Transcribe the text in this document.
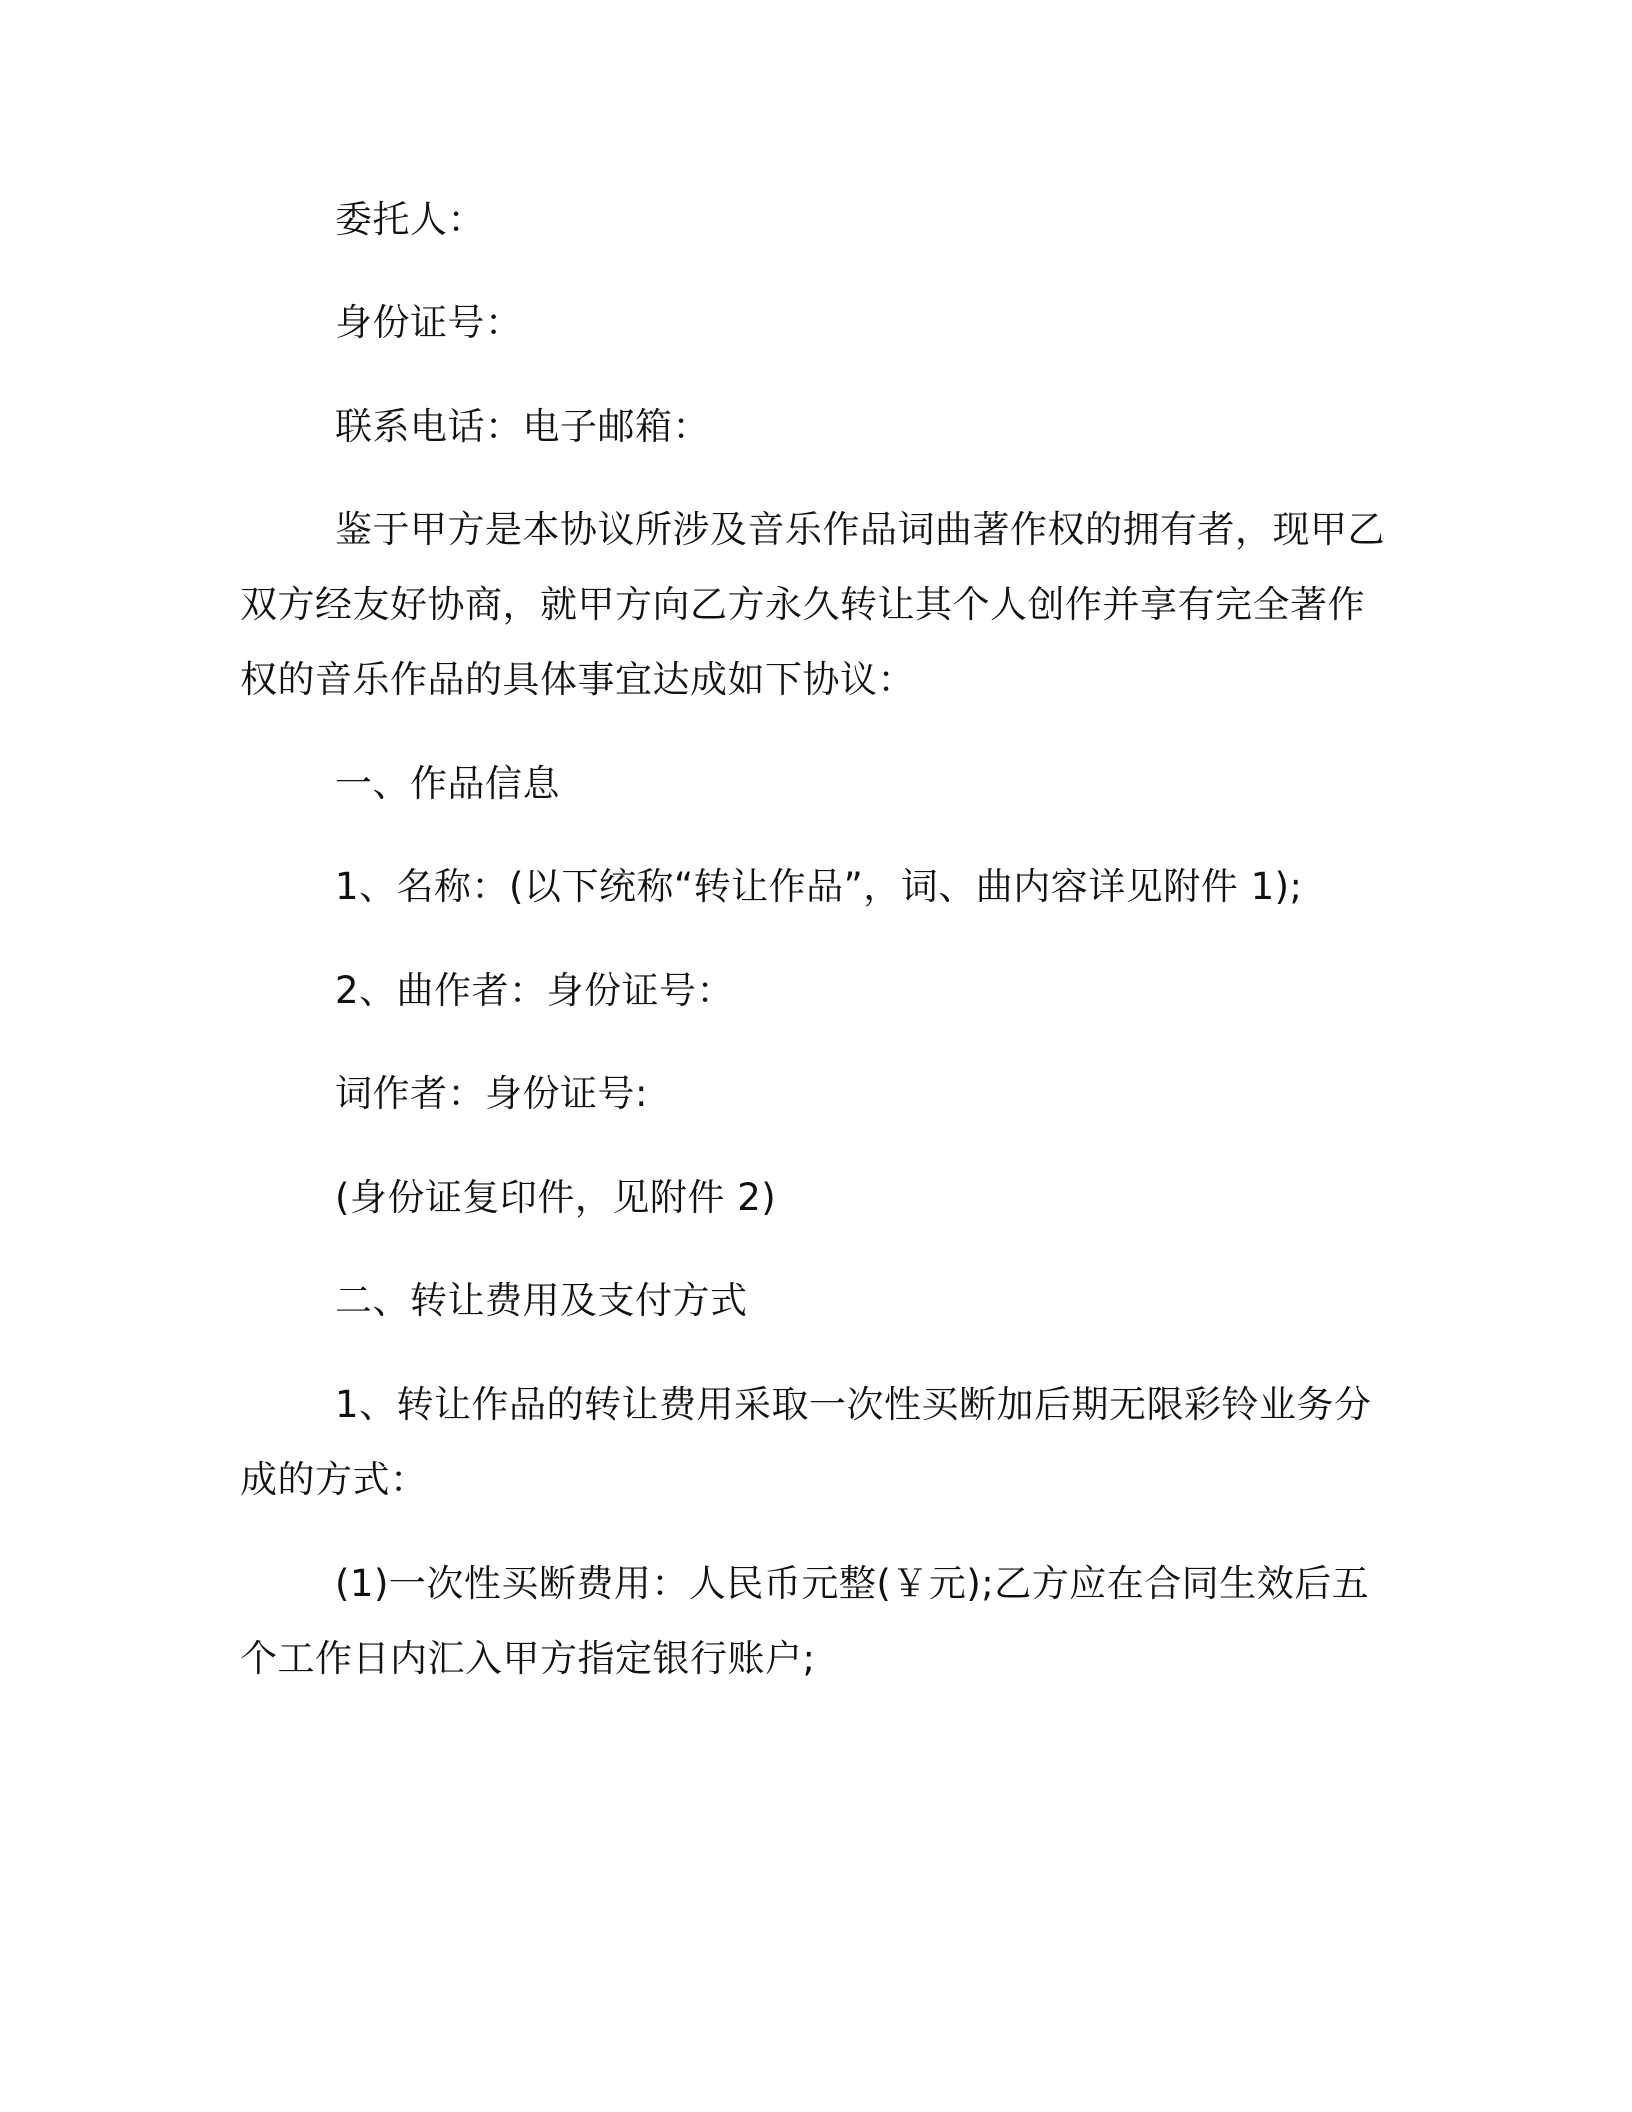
委托人：
身份证号：
联系电话：电子邮箱：
鉴于甲方是本协议所涉及音乐作品词曲著作权的拥有者，现甲乙
双方经友好协商，就甲方向乙方永久转让其个人创作并享有完全著作
权的音乐作品的具体事宜达成如下协议：
一、作品信息
1、名称：(以下统称“转让作品”，词、曲内容详见附件 1);
2、曲作者：身份证号：
词作者：身份证号:
(身份证复印件，见附件 2)
二、转让费用及支付方式
1、转让作品的转让费用采取一次性买断加后期无限彩铃业务分
成的方式：
(1)一次性买断费用：人民币元整(￥元);乙方应在合同生效后五
个工作日内汇入甲方指定银行账户;
